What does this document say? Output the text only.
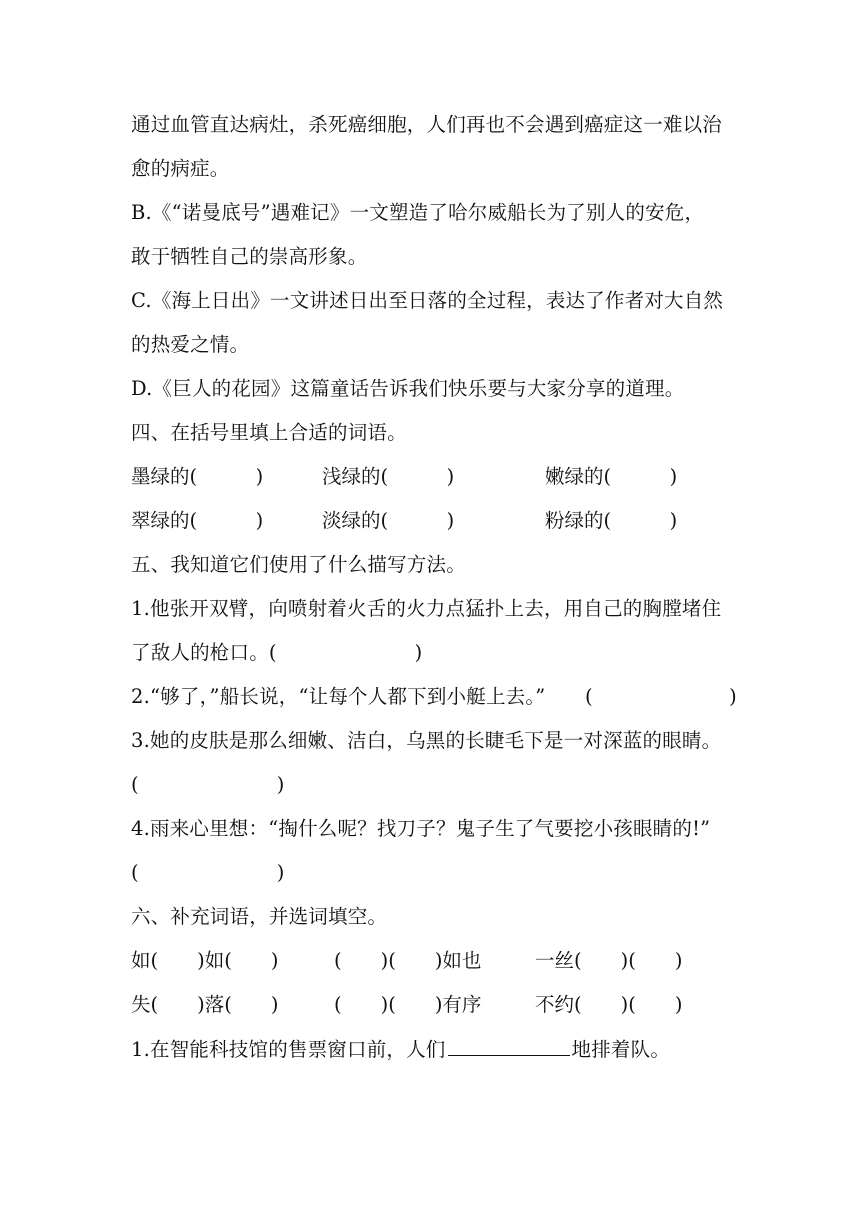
通过血管直达病灶，杀死癌细胞，人们再也不会遇到癌症这一难以治

愈的病症。

B.《“诺曼底号”遇难记》一文塑造了哈尔威船长为了别人的安危，

敢于牺牲自己的崇高形象。

C.《海上日出》一文讲述日出至日落的全过程，表达了作者对大自然

的热爱之情。

D.《巨人的花园》这篇童话告诉我们快乐要与大家分享的道理。

四、在括号里填上合适的词语。

墨绿的(　　　)	浅绿的(　　　)	嫩绿的(　　　)
翠绿的(　　　)	淡绿的(　　　)	粉绿的(　　　)

五、我知道它们使用了什么描写方法。

1.他张开双臂，向喷射着火舌的火力点猛扑上去，用自己的胸膛堵住

了敌人的枪口。(　　　　　　　)

2.“够了，”船长说，“让每个人都下到小艇上去。” (　　　　　　　)

3.她的皮肤是那么细嫩、洁白，乌黑的长睫毛下是一对深蓝的眼睛。

(　　　　　　　)

4.雨来心里想：“掏什么呢？找刀子？鬼子生了气要挖小孩眼睛的!”

(　　　　　　　)

六、补充词语，并选词填空。

如(　　)如(　　)	(　　)(　　)如也	一丝(　　)(　　)
失(　　)落(　　)	(　　)(　　)有序	不约(　　)(　　)

1.在智能科技馆的售票窗口前，人们	地排着队。
